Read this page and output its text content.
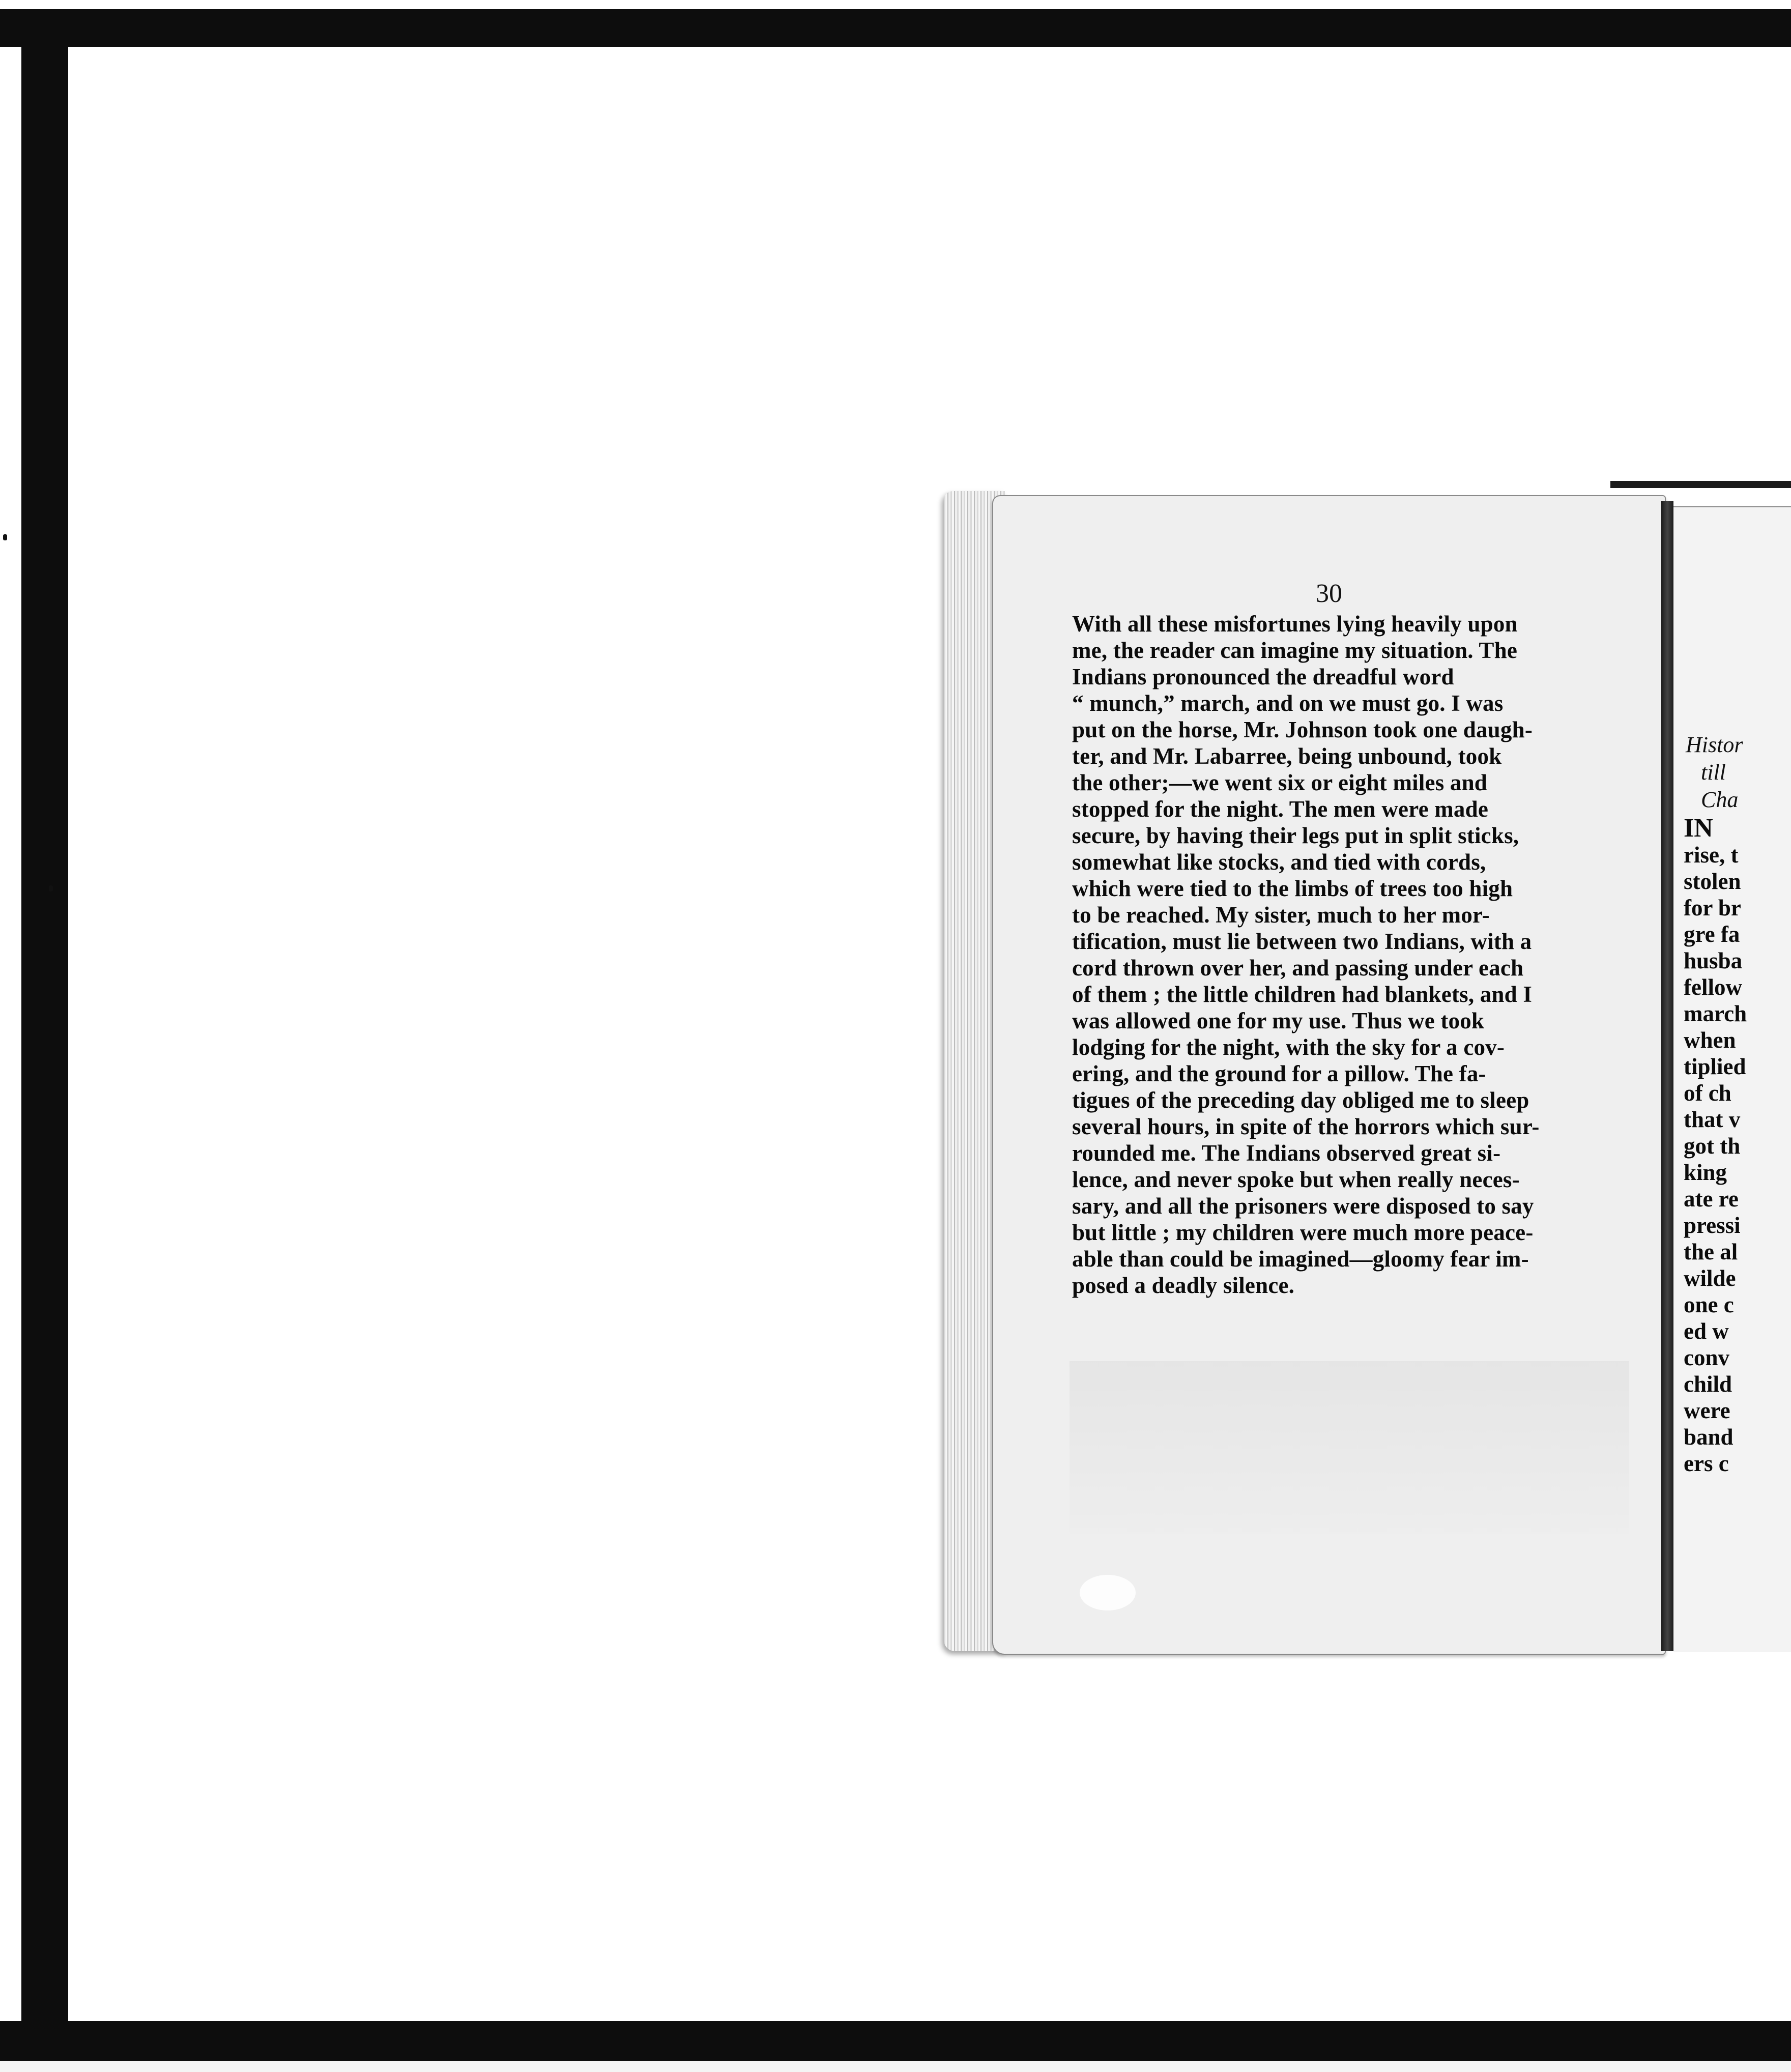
30
With all these misfortunes lying heavily upon
me, the reader can imagine my situation. The
Indians pronounced the dreadful word
“ munch,” march, and on we must go. I was
put on the horse, Mr. Johnson took one daugh-
ter, and Mr. Labarree, being unbound, took
the other;—we went six or eight miles and
stopped for the night. The men were made
secure, by having their legs put in split sticks,
somewhat like stocks, and tied with cords,
which were tied to the limbs of trees too high
to be reached. My sister, much to her mor-
tification, must lie between two Indians, with a
cord thrown over her, and passing under each
of them ; the little children had blankets, and I
was allowed one for my use. Thus we took
lodging for the night, with the sky for a cov-
ering, and the ground for a pillow. The fa-
tigues of the preceding day obliged me to sleep
several hours, in spite of the horrors which sur-
rounded me. The Indians observed great si-
lence, and never spoke but when really neces-
sary, and all the prisoners were disposed to say
but little ; my children were much more peace-
able than could be imagined—gloomy fear im-
posed a deadly silence.
Histor
till
Cha
IN
rise, t
stolen
for br
gre fa
husba
fellow
march
when
tiplied
of ch
that v
got th
king
ate re
pressi
the al
wilde
one c
ed w
conv
child
were
band
ers c
